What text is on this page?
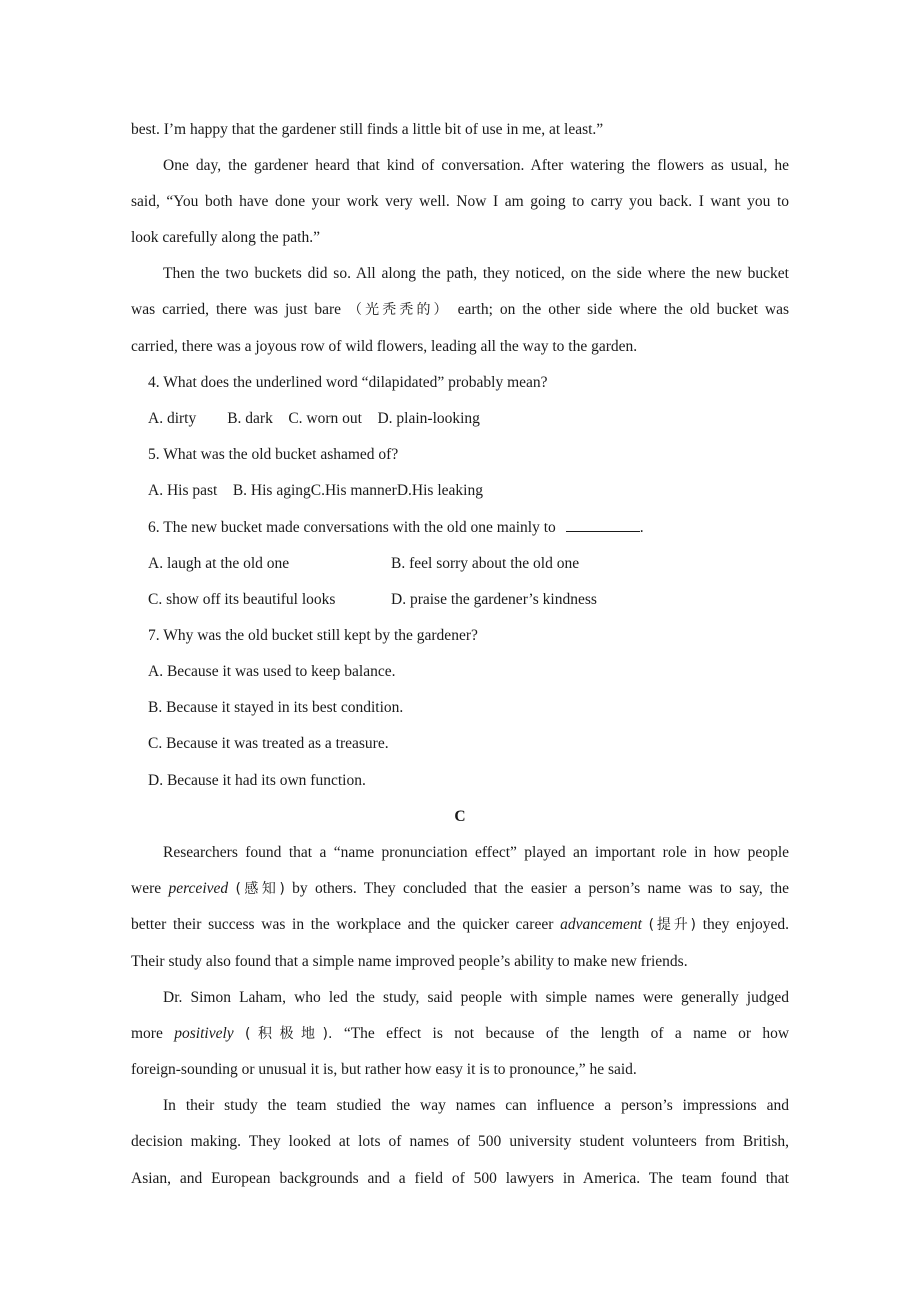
best. I’m happy that the gardener still finds a little bit of use in me, at least.”
One day, the gardener heard that kind of conversation. After watering the flowers as usual, he
said, “You both have done your work very well. Now I am going to carry you back. I want you to
look carefully along the path.”
Then the two buckets did so. All along the path, they noticed, on the side where the new bucket
was carried, there was just bare （光秃秃的） earth; on the other side where the old bucket was
carried, there was a joyous row of wild flowers, leading all the way to the garden.
4. What does the underlined word “dilapidated” probably mean?
A. dirty        B. dark    C. worn out    D. plain-looking
5. What was the old bucket ashamed of?
A. His past    B. His agingC.His mannerD.His leaking
6. The new bucket made conversations with the old one mainly to	.
A. laugh at the old one	B. feel sorry about the old one
C. show off its beautiful looks	D. praise the gardener’s kindness
7. Why was the old bucket still kept by the gardener?
A. Because it was used to keep balance.
B. Because it stayed in its best condition.
C. Because it was treated as a treasure.
D. Because it had its own function.
C
Researchers found that a “name pronunciation effect” played an important role in how people
were perceived (感知) by others. They concluded that the easier a person’s name was to say, the
better their success was in the workplace and the quicker career advancement (提升) they enjoyed.
Their study also found that a simple name improved people’s ability to make new friends.
Dr. Simon Laham, who led the study, said people with simple names were generally judged
more positively (积极地). “The effect is not because of the length of a name or how
foreign-sounding or unusual it is, but rather how easy it is to pronounce,” he said.
In their study the team studied the way names can influence a person’s impressions and
decision making. They looked at lots of names of 500 university student volunteers from British,
Asian, and European backgrounds and a field of 500 lawyers in America. The team found that
